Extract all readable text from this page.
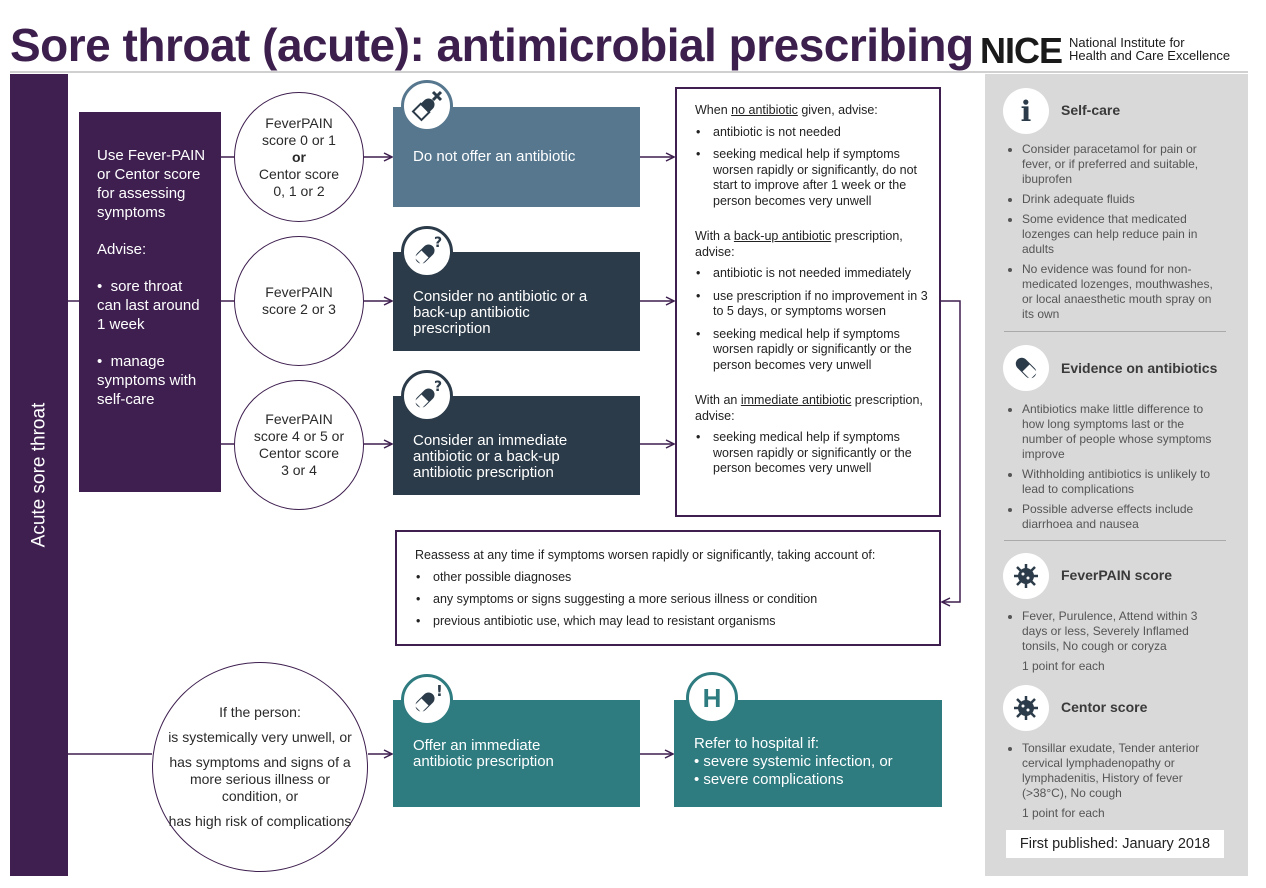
Sore throat (acute): antimicrobial prescribing NICE National Institute for
Health and Care Excellence
Acute sore throat

Use Fever-PAIN or Centor score for assessing symptoms

Advise:

•  sore throat can last around 1 week

•  manage symptoms with self-care

FeverPAIN
score 0 or 1
or
Centor score
0, 1 or 2
FeverPAIN
score 2 or 3
FeverPAIN
score 4 or 5 or
Centor score
3 or 4

If the person:

is systemically very unwell, or

has symptoms and signs of a more serious illness or condition, or

has high risk of complications

Do not offer an antibiotic
Consider no antibiotic or a back-up antibiotic prescription
Consider an immediate antibiotic or a back-up antibiotic prescription
Offer an immediate antibiotic prescription
Refer to hospital if:
• severe systemic infection, or
• severe complications
?
?
!	H
When no antibiotic given, advise:
• antibiotic is not needed
• seeking medical help if symptoms worsen rapidly or significantly, do not start to improve after 1 week or the person becomes very unwell
With a back-up antibiotic prescription, advise:
• antibiotic is not needed immediately
• use prescription if no improvement in 3 to 5 days, or symptoms worsen
• seeking medical help if symptoms worsen rapidly or significantly or the person becomes very unwell
With an immediate antibiotic prescription, advise:
• seeking medical help if symptoms worsen rapidly or significantly or the person becomes very unwell
Reassess at any time if symptoms worsen rapidly or significantly, taking account of:
• other possible diagnoses
• any symptoms or signs suggesting a more serious illness or condition
• previous antibiotic use, which may lead to resistant organisms
i Self-care
• Consider paracetamol for pain or fever, or if preferred and suitable, ibuprofen
• Drink adequate fluids
• Some evidence that medicated lozenges can help reduce pain in adults
• No evidence was found for non-medicated lozenges, mouthwashes, or local anaesthetic mouth spray on its own
Evidence on antibiotics
• Antibiotics make little difference to how long symptoms last or the number of people whose symptoms improve
• Withholding antibiotics is unlikely to lead to complications
• Possible adverse effects include diarrhoea and nausea
FeverPAIN score
• Fever, Purulence, Attend within 3 days or less, Severely Inflamed tonsils, No cough or coryza
1 point for each
Centor score
• Tonsillar exudate, Tender anterior cervical lymphadenopathy or lymphadenitis, History of fever (>38°C), No cough
1 point for each
First published: January 2018
